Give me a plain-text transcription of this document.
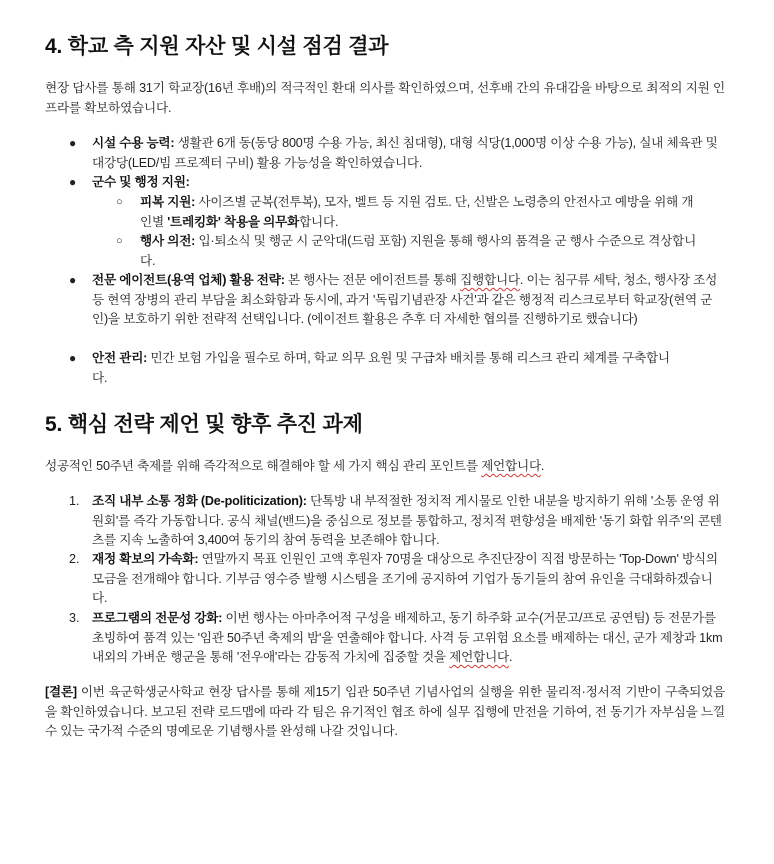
4. 학교 측 지원 자산 및 시설 점검 결과

현장 답사를 통해 31기 학교장(16년 후배)의 적극적인 환대 의사를 확인하였으며, 선후배 간의 유대감을 바탕으로 최적의 지원 인프라를 확보하였습니다.

● 시설 수용 능력: 생활관 6개 동(동당 800명 수용 가능, 최신 침대형), 대형 식당(1,000명 이상 수용 가능), 실내 체육관 및 대강당(LED/빔 프로젝터 구비) 활용 가능성을 확인하였습니다.

● 군수 및 행정 지원:

○ 피복 지원: 사이즈별 군복(전투복), 모자, 벨트 등 지원 검토. 단, 신발은 노령층의 안전사고 예방을 위해 개인별 '트레킹화' 착용을 의무화합니다.

○ 행사 의전: 입·퇴소식 및 행군 시 군악대(드럼 포함) 지원을 통해 행사의 품격을 군 행사 수준으로 격상합니다.

● 전문 에이전트(용역 업체) 활용 전략: 본 행사는 전문 에이전트를 통해 집행합니다. 이는 침구류 세탁, 청소, 행사장 조성 등 현역 장병의 관리 부담을 최소화함과 동시에, 과거 '독립기념관장 사건'과 같은 행정적 리스크로부터 학교장(현역 군인)을 보호하기 위한 전략적 선택입니다. (에이전트 활용은 추후 더 자세한 협의를 진행하기로 했습니다)

● 안전 관리: 민간 보험 가입을 필수로 하며, 학교 의무 요원 및 구급차 배치를 통해 리스크 관리 체계를 구축합니다.

5. 핵심 전략 제언 및 향후 추진 과제

성공적인 50주년 축제를 위해 즉각적으로 해결해야 할 세 가지 핵심 관리 포인트를 제언합니다.

1. 조직 내부 소통 정화 (De-politicization): 단톡방 내 부적절한 정치적 게시물로 인한 내분을 방지하기 위해 '소통 운영 위원회'를 즉각 가동합니다. 공식 채널(밴드)을 중심으로 정보를 통합하고, 정치적 편향성을 배제한 '동기 화합 위주'의 콘텐츠를 지속 노출하여 3,400여 동기의 참여 동력을 보존해야 합니다.

2. 재정 확보의 가속화: 연말까지 목표 인원인 고액 후원자 70명을 대상으로 추진단장이 직접 방문하는 'Top-Down' 방식의 모금을 전개해야 합니다. 기부금 영수증 발행 시스템을 조기에 공지하여 기업가 동기들의 참여 유인을 극대화하겠습니다.

3. 프로그램의 전문성 강화: 이번 행사는 아마추어적 구성을 배제하고, 동기 하주화 교수(거문고/프로 공연팀) 등 전문가를 초빙하여 품격 있는 '임관 50주년 축제의 밤'을 연출해야 합니다. 사격 등 고위험 요소를 배제하는 대신, 군가 제창과 1km 내외의 가벼운 행군을 통해 '전우애'라는 감동적 가치에 집중할 것을 제언합니다.

[결론] 이번 육군학생군사학교 현장 답사를 통해 제15기 임관 50주년 기념사업의 실행을 위한 물리적·정서적 기반이 구축되었음을 확인하였습니다. 보고된 전략 로드맵에 따라 각 팀은 유기적인 협조 하에 실무 집행에 만전을 기하여, 전 동기가 자부심을 느낄 수 있는 국가적 수준의 명예로운 기념행사를 완성해 나갈 것입니다.
